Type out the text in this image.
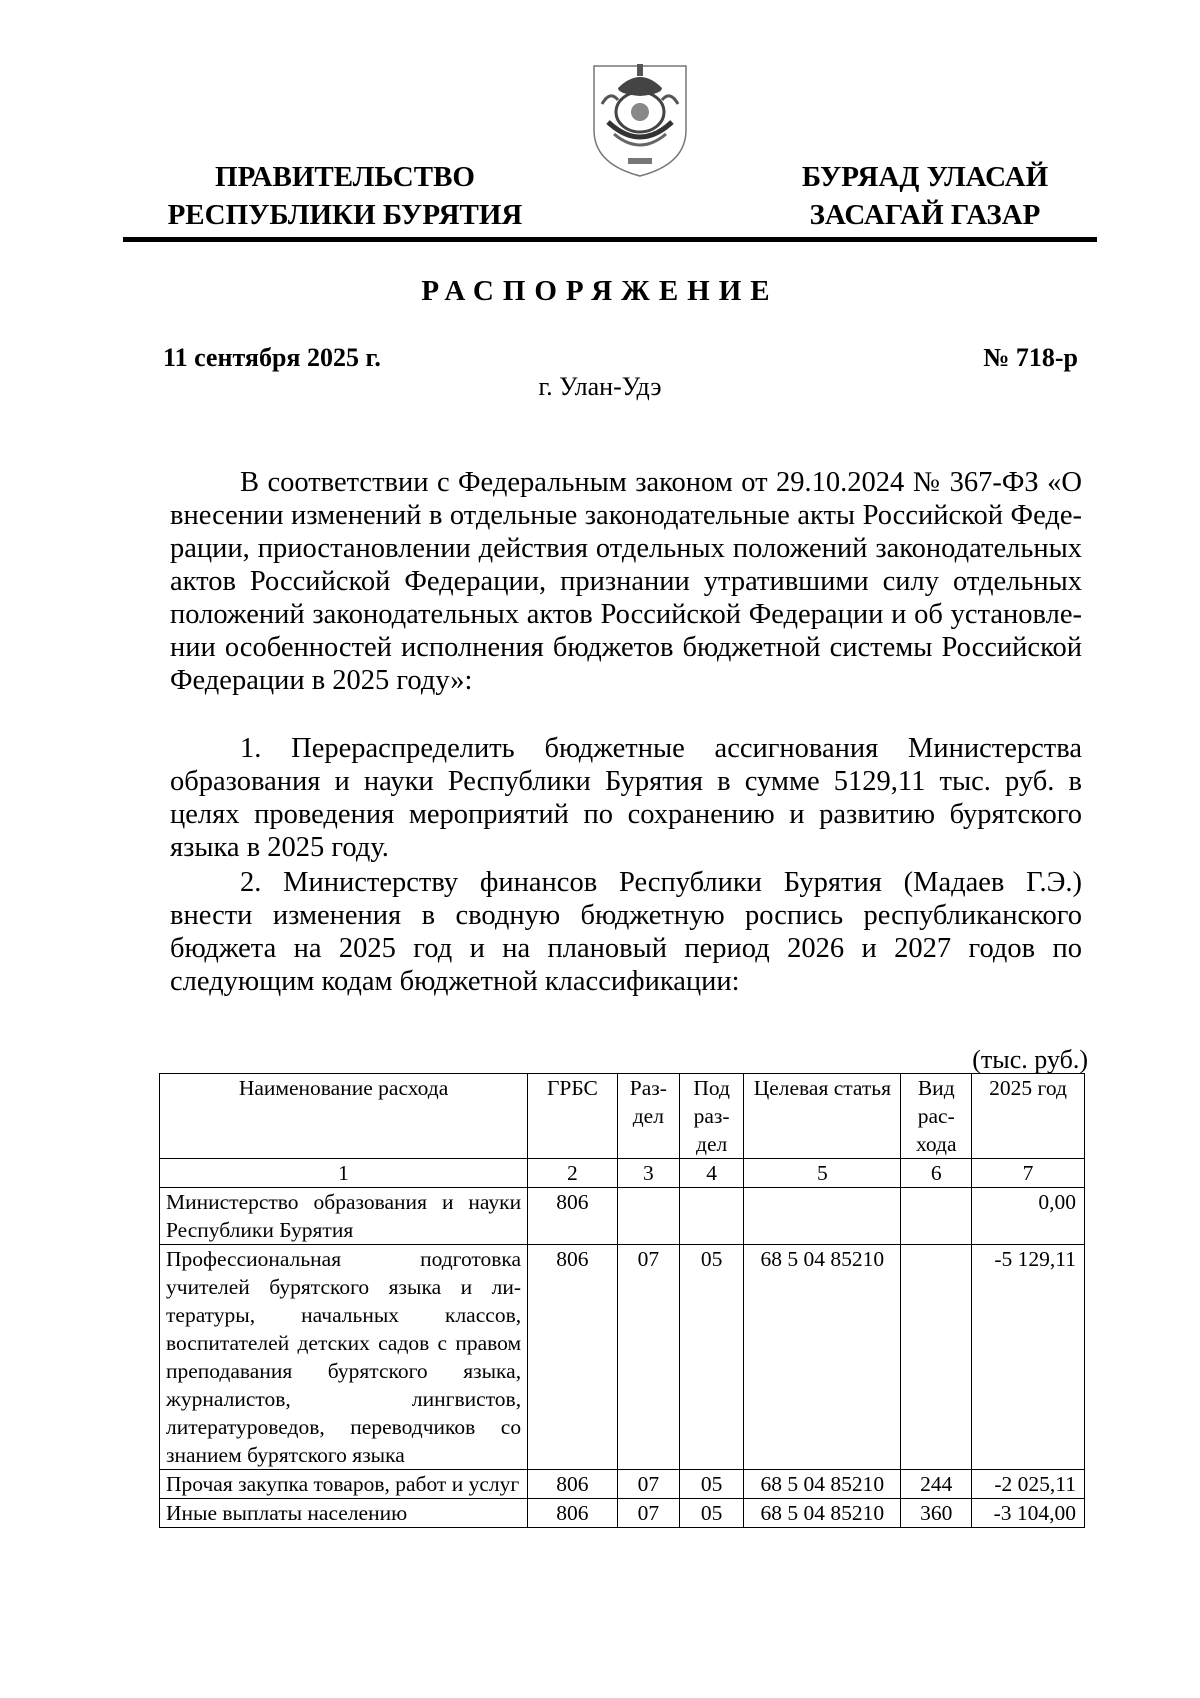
ПРАВИТЕЛЬСТВО
РЕСПУБЛИКИ БУРЯТИЯ
БУРЯАД УЛАСАЙ
ЗАСАГАЙ ГАЗАР
РАСПОРЯЖЕНИЕ
11 сентября 2025 г.	№ 718-р
г. Улан-Удэ
В соответствии с Федеральным законом от 29.10.2024 № 367-ФЗ «О внесении изменений в отдельные законодательные акты Российской Федерации, приостановлении действия отдельных положений законодательных актов Российской Федерации, признании утратившими силу отдельных положений законодательных актов Российской Федерации и об установлении особенностей исполнения бюджетов бюджетной системы Российской Федерации в 2025 году»:
1. Перераспределить бюджетные ассигнования Министерства образования и науки Республики Бурятия в сумме 5129,11 тыс. руб. в целях проведения мероприятий по сохранению и развитию бурятского языка в 2025 году.
2. Министерству финансов Республики Бурятия (Мадаев Г.Э.) внести изменения в сводную бюджетную роспись республиканского бюджета на 2025 год и на плановый период 2026 и 2027 годов по следующим кодам бюджетной классификации:
(тыс. руб.)
Наименование расхода	ГРБС	Раз-дел	Под раз-дел	Целевая статья	Вид рас-хода	2025 год
1	2	3	4	5	6	7
Министерство образования и науки Республики Бурятия	806					0,00
Профессиональная подготовка учителей бурятского языка и литературы, начальных классов, воспитателей детских садов с правом преподавания бурятского языка, журналистов, лингвистов, литературоведов, переводчиков со знанием бурятского языка	806	07	05	68 5 04 85210		-5 129,11
Прочая закупка товаров, работ и услуг	806	07	05	68 5 04 85210	244	-2 025,11
Иные выплаты населению	806	07	05	68 5 04 85210	360	-3 104,00
